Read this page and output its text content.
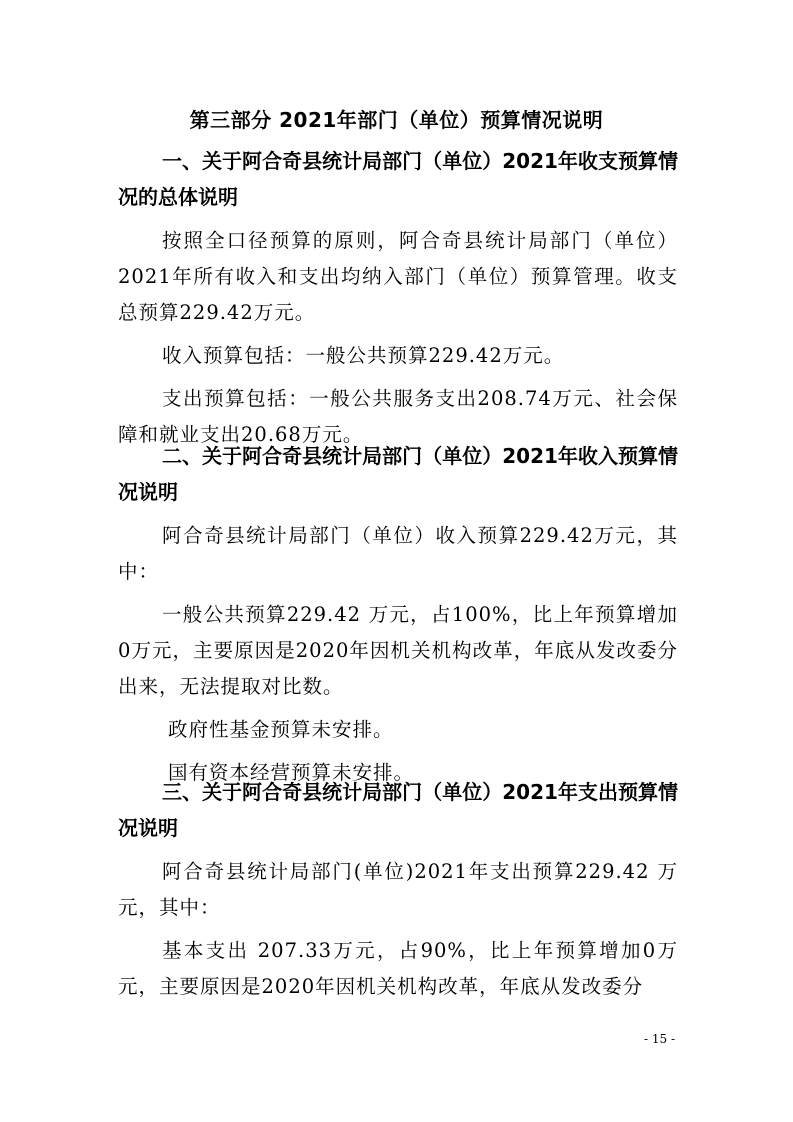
第三部分 2021年部门（单位）预算情况说明
一、关于阿合奇县统计局部门（单位）2021年收支预算情况的总体说明
按照全口径预算的原则，阿合奇县统计局部门（单位）2021年所有收入和支出均纳入部门（单位）预算管理。收支总预算229.42万元。
收入预算包括：一般公共预算229.42万元。
支出预算包括：一般公共服务支出208.74万元、社会保障和就业支出20.68万元。
二、关于阿合奇县统计局部门（单位）2021年收入预算情况说明
阿合奇县统计局部门（单位）收入预算229.42万元，其中：
一般公共预算229.42 万元，占100%，比上年预算增加0万元，主要原因是2020年因机关机构改革，年底从发改委分出来，无法提取对比数。
政府性基金预算未安排。
国有资本经营预算未安排。
三、关于阿合奇县统计局部门（单位）2021年支出预算情况说明
阿合奇县统计局部门(单位)2021年支出预算229.42 万元，其中：
基本支出 207.33万元，占90%，比上年预算增加0万元，主要原因是2020年因机关机构改革，年底从发改委分
- 15 -
